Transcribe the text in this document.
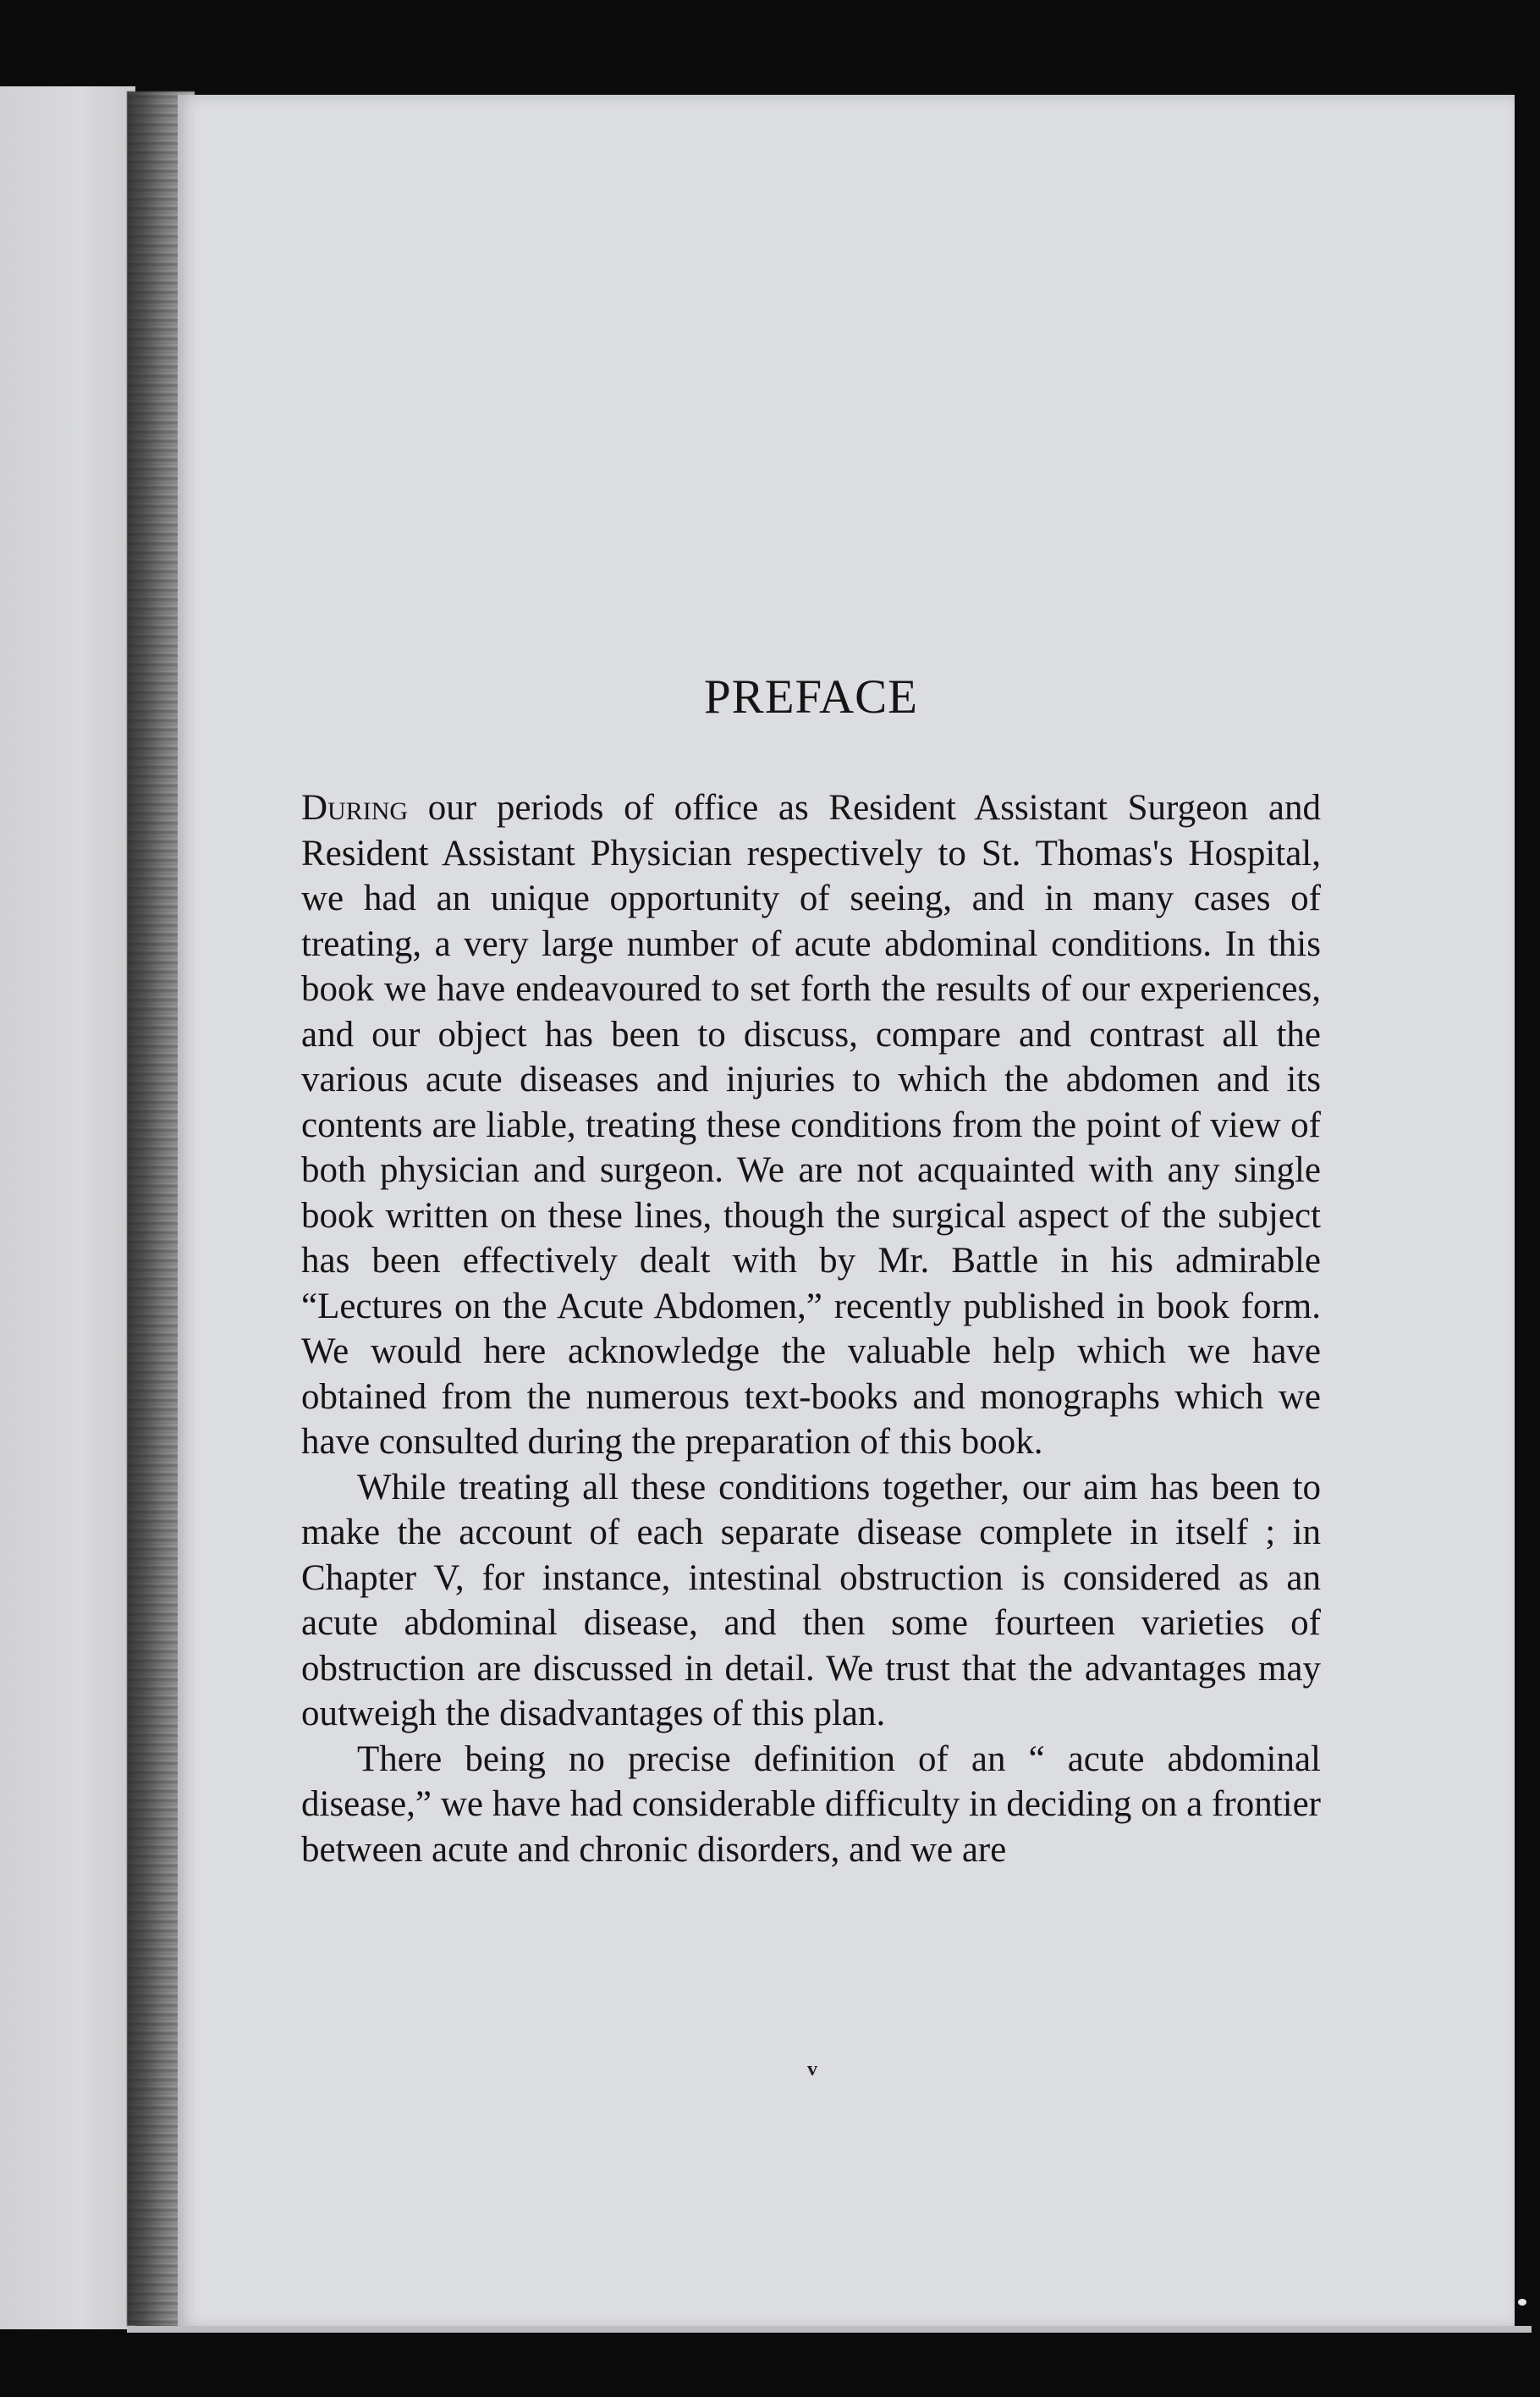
PREFACE

During our periods of office as Resident Assistant Surgeon and Resident Assistant Physician respectively to St. Thomas's Hospital, we had an unique opportunity of seeing, and in many cases of treating, a very large number of acute abdominal conditions. In this book we have endeavoured to set forth the results of our experiences, and our object has been to discuss, compare and contrast all the various acute diseases and injuries to which the abdomen and its contents are liable, treating these conditions from the point of view of both physician and surgeon. We are not acquainted with any single book written on these lines, though the surgical aspect of the subject has been effectively dealt with by Mr. Battle in his admirable “Lectures on the Acute Abdomen,” recently published in book form. We would here acknowledge the valuable help which we have obtained from the numerous text-books and monographs which we have consulted during the preparation of this book.

While treating all these conditions together, our aim has been to make the account of each separate disease complete in itself ; in Chapter V, for instance, intestinal obstruction is considered as an acute abdominal disease, and then some fourteen varieties of obstruction are discussed in detail. We trust that the advantages may outweigh the disadvantages of this plan.

There being no precise definition of an “ acute abdominal disease,” we have had considerable difficulty in deciding on a frontier between acute and chronic disorders, and we are

v
